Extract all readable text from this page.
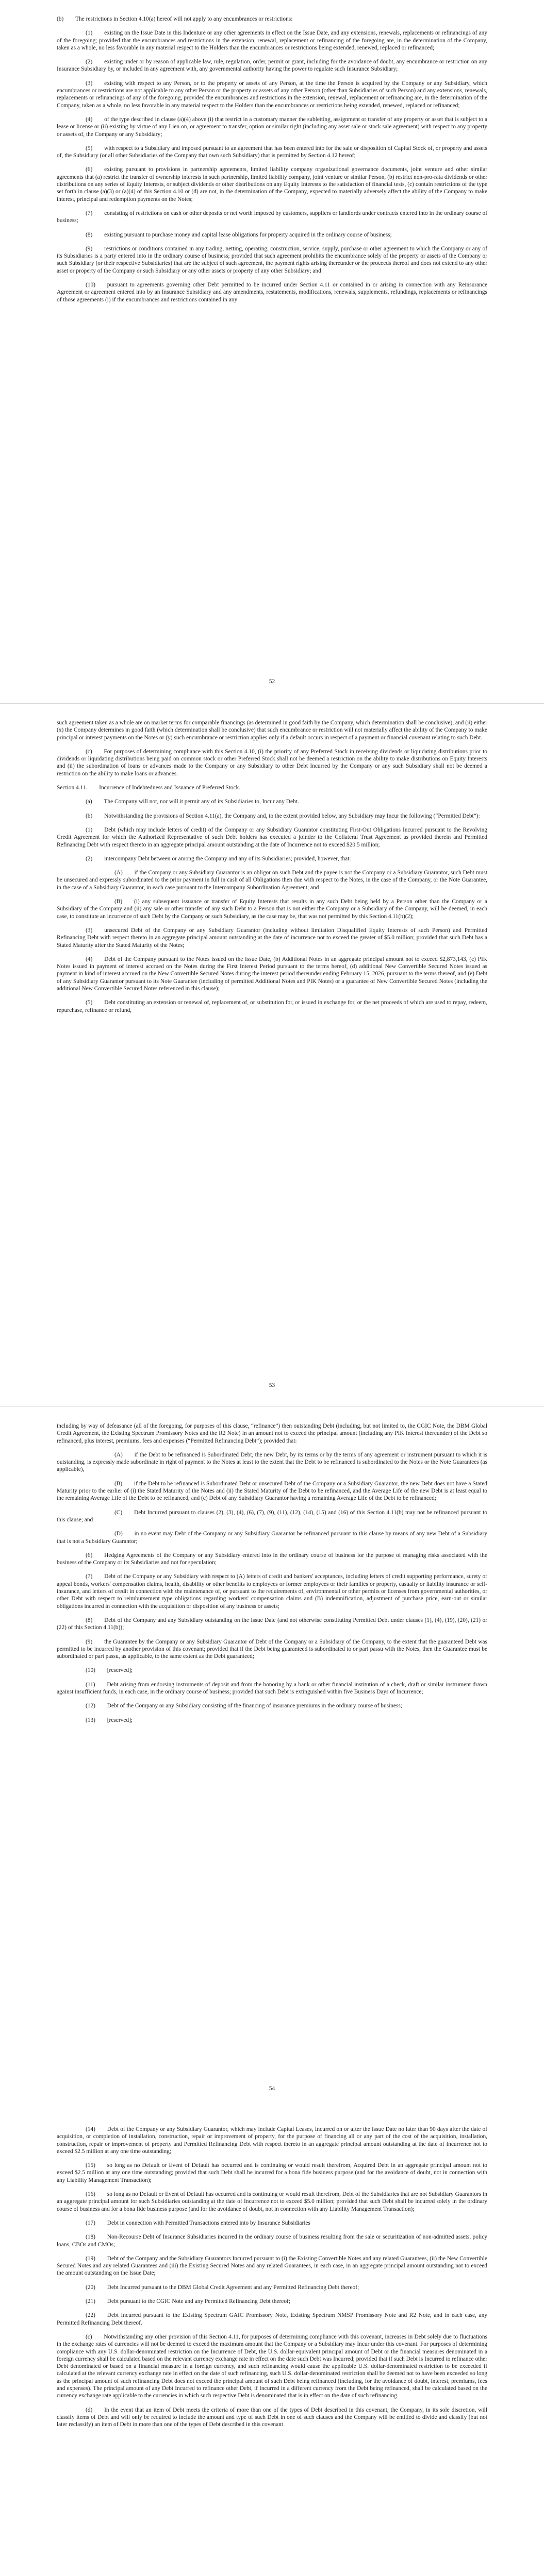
(b)  The restrictions in Section 4.10(a) hereof will not apply to any encumbrances or restrictions:

(1)  existing on the Issue Date in this Indenture or any other agreements in effect on the Issue Date, and any extensions, renewals, replacements or refinancings of any of the foregoing; provided that the encumbrances and restrictions in the extension, renewal, replacement or refinancing of the foregoing are, in the determination of the Company, taken as a whole, no less favorable in any material respect to the Holders than the encumbrances or restrictions being extended, renewed, replaced or refinanced;

(2)  existing under or by reason of applicable law, rule, regulation, order, permit or grant, including for the avoidance of doubt, any encumbrance or restriction on any Insurance Subsidiary by, or included in any agreement with, any governmental authority having the power to regulate such Insurance Subsidiary;

(3)  existing with respect to any Person, or to the property or assets of any Person, at the time the Person is acquired by the Company or any Subsidiary, which encumbrances or restrictions are not applicable to any other Person or the property or assets of any other Person (other than Subsidiaries of such Person) and any extensions, renewals, replacements or refinancings of any of the foregoing, provided the encumbrances and restrictions in the extension, renewal, replacement or refinancing are, in the determination of the Company, taken as a whole, no less favorable in any material respect to the Holders than the encumbrances or restrictions being extended, renewed, replaced or refinanced;

(4)  of the type described in clause (a)(4) above (i) that restrict in a customary manner the subletting, assignment or transfer of any property or asset that is subject to a lease or license or (ii) existing by virtue of any Lien on, or agreement to transfer, option or similar right (including any asset sale or stock sale agreement) with respect to any property or assets of, the Company or any Subsidiary;

(5)  with respect to a Subsidiary and imposed pursuant to an agreement that has been entered into for the sale or disposition of Capital Stock of, or property and assets of, the Subsidiary (or all other Subsidiaries of the Company that own such Subsidiary) that is permitted by Section 4.12 hereof;

(6)  existing pursuant to provisions in partnership agreements, limited liability company organizational governance documents, joint venture and other similar agreements that (a) restrict the transfer of ownership interests in such partnership, limited liability company, joint venture or similar Person, (b) restrict non-pro-rata dividends or other distributions on any series of Equity Interests, or subject dividends or other distributions on any Equity Interests to the satisfaction of financial tests, (c) contain restrictions of the type set forth in clause (a)(3) or (a)(4) of this Section 4.10 or (d) are not, in the determination of the Company, expected to materially adversely affect the ability of the Company to make interest, principal and redemption payments on the Notes;

(7)  consisting of restrictions on cash or other deposits or net worth imposed by customers, suppliers or landlords under contracts entered into in the ordinary course of business;

(8)  existing pursuant to purchase money and capital lease obligations for property acquired in the ordinary course of business;

(9)  restrictions or conditions contained in any trading, netting, operating, construction, service, supply, purchase or other agreement to which the Company or any of its Subsidiaries is a party entered into in the ordinary course of business; provided that such agreement prohibits the encumbrance solely of the property or assets of the Company or such Subsidiary (or their respective Subsidiaries) that are the subject of such agreement, the payment rights arising thereunder or the proceeds thereof and does not extend to any other asset or property of the Company or such Subsidiary or any other assets or property of any other Subsidiary; and

(10)  pursuant to agreements governing other Debt permitted to be incurred under Section 4.11 or contained in or arising in connection with any Reinsurance Agreement or agreement entered into by an Insurance Subsidiary and any amendments, restatements, modifications, renewals, supplements, refundings, replacements or refinancings of those agreements (i) if the encumbrances and restrictions contained in any

52

such agreement taken as a whole are on market terms for comparable financings (as determined in good faith by the Company, which determination shall be conclusive), and (ii) either (x) the Company determines in good faith (which determination shall be conclusive) that such encumbrance or restriction will not materially affect the ability of the Company to make principal or interest payments on the Notes or (y) such encumbrance or restriction applies only if a default occurs in respect of a payment or financial covenant relating to such Debt.

(c)  For purposes of determining compliance with this Section 4.10, (i) the priority of any Preferred Stock in receiving dividends or liquidating distributions prior to dividends or liquidating distributions being paid on common stock or other Preferred Stock shall not be deemed a restriction on the ability to make distributions on Equity Interests and (ii) the subordination of loans or advances made to the Company or any Subsidiary to other Debt Incurred by the Company or any such Subsidiary shall not be deemed a restriction on the ability to make loans or advances.

Section 4.11.  Incurrence of Indebtedness and Issuance of Preferred Stock.

(a)  The Company will not, nor will it permit any of its Subsidiaries to, Incur any Debt.

(b)  Notwithstanding the provisions of Section 4.11(a), the Company and, to the extent provided below, any Subsidiary may Incur the following (“Permitted Debt”):

(1)  Debt (which may include letters of credit) of the Company or any Subsidiary Guarantor constituting First-Out Obligations Incurred pursuant to the Revolving Credit Agreement for which the Authorized Representative of such Debt holders has executed a joinder to the Collateral Trust Agreement as provided therein and Permitted Refinancing Debt with respect thereto in an aggregate principal amount outstanding at the date of Incurrence not to exceed $20.5 million;

(2)  intercompany Debt between or among the Company and any of its Subsidiaries; provided, however, that:

(A)  if the Company or any Subsidiary Guarantor is an obligor on such Debt and the payee is not the Company or a Subsidiary Guarantor, such Debt must be unsecured and expressly subordinated to the prior payment in full in cash of all Obligations then due with respect to the Notes, in the case of the Company, or the Note Guarantee, in the case of a Subsidiary Guarantor, in each case pursuant to the Intercompany Subordination Agreement; and

(B)  (i) any subsequent issuance or transfer of Equity Interests that results in any such Debt being held by a Person other than the Company or a Subsidiary of the Company and (ii) any sale or other transfer of any such Debt to a Person that is not either the Company or a Subsidiary of the Company, will be deemed, in each case, to constitute an incurrence of such Debt by the Company or such Subsidiary, as the case may be, that was not permitted by this Section 4.11(b)(2);

(3)  unsecured Debt of the Company or any Subsidiary Guarantor (including without limitation Disqualified Equity Interests of such Person) and Permitted Refinancing Debt with respect thereto in an aggregate principal amount outstanding at the date of incurrence not to exceed the greater of $5.0 million; provided that such Debt has a Stated Maturity after the Stated Maturity of the Notes;

(4)  Debt of the Company pursuant to the Notes issued on the Issue Date, (b) Additional Notes in an aggregate principal amount not to exceed $2,873,143, (c) PIK Notes issued in payment of interest accrued on the Notes during the First Interest Period pursuant to the terms hereof, (d) additional New Convertible Secured Notes issued as payment in kind of interest accrued on the New Convertible Secured Notes during the interest period thereunder ending February 15, 2026, pursuant to the terms thereof, and (e) Debt of any Subsidiary Guarantor pursuant to its Note Guarantee (including of permitted Additional Notes and PIK Notes) or a guarantee of New Convertible Secured Notes (including the additional New Convertible Secured Notes referenced in this clause);

(5)  Debt constituting an extension or renewal of, replacement of, or substitution for, or issued in exchange for, or the net proceeds of which are used to repay, redeem, repurchase, refinance or refund,

53

including by way of defeasance (all of the foregoing, for purposes of this clause, “refinance”) then outstanding Debt (including, but not limited to, the CGIC Note, the DBM Global Credit Agreement, the Existing Spectrum Promissory Notes and the R2 Note) in an amount not to exceed the principal amount (including any PIK Interest thereunder) of the Debt so refinanced, plus interest, premiums, fees and expenses (“Permitted Refinancing Debt”); provided that:

(A)  if the Debt to be refinanced is Subordinated Debt, the new Debt, by its terms or by the terms of any agreement or instrument pursuant to which it is outstanding, is expressly made subordinate in right of payment to the Notes at least to the extent that the Debt to be refinanced is subordinated to the Notes or the Note Guarantees (as applicable),

(B)  if the Debt to be refinanced is Subordinated Debt or unsecured Debt of the Company or a Subsidiary Guarantor, the new Debt does not have a Stated Maturity prior to the earlier of (i) the Stated Maturity of the Notes and (ii) the Stated Maturity of the Debt to be refinanced, and the Average Life of the new Debt is at least equal to the remaining Average Life of the Debt to be refinanced, and (c) Debt of any Subsidiary Guarantor having a remaining Average Life of the Debt to be refinanced;

(C)  Debt Incurred pursuant to clauses (2), (3), (4), (6), (7), (9), (11), (12), (14), (15) and (16) of this Section 4.11(b) may not be refinanced pursuant to this clause; and

(D)  in no event may Debt of the Company or any Subsidiary Guarantor be refinanced pursuant to this clause by means of any new Debt of a Subsidiary that is not a Subsidiary Guarantor;

(6)  Hedging Agreements of the Company or any Subsidiary entered into in the ordinary course of business for the purpose of managing risks associated with the business of the Company or its Subsidiaries and not for speculation;

(7)  Debt of the Company or any Subsidiary with respect to (A) letters of credit and bankers' acceptances, including letters of credit supporting performance, surety or appeal bonds, workers' compensation claims, health, disability or other benefits to employees or former employees or their families or property, casualty or liability insurance or self-insurance, and letters of credit in connection with the maintenance of, or pursuant to the requirements of, environmental or other permits or licenses from governmental authorities, or other Debt with respect to reimbursement type obligations regarding workers' compensation claims and (B) indemnification, adjustment of purchase price, earn-out or similar obligations incurred in connection with the acquisition or disposition of any business or assets;

(8)  Debt of the Company and any Subsidiary outstanding on the Issue Date (and not otherwise constituting Permitted Debt under clauses (1), (4), (19), (20), (21) or (22) of this Section 4.11(b));

(9)  the Guarantee by the Company or any Subsidiary Guarantor of Debt of the Company or a Subsidiary of the Company, to the extent that the guaranteed Debt was permitted to be incurred by another provision of this covenant; provided that if the Debt being guaranteed is subordinated to or pari passu with the Notes, then the Guarantee must be subordinated or pari passu, as applicable, to the same extent as the Debt guaranteed;

(10)  [reserved];

(11)  Debt arising from endorsing instruments of deposit and from the honoring by a bank or other financial institution of a check, draft or similar instrument drawn against insufficient funds, in each case, in the ordinary course of business; provided that such Debt is extinguished within five Business Days of Incurrence;

(12)  Debt of the Company or any Subsidiary consisting of the financing of insurance premiums in the ordinary course of business;

(13)  [reserved];

54

(14)  Debt of the Company or any Subsidiary Guarantor, which may include Capital Leases, Incurred on or after the Issue Date no later than 90 days after the date of acquisition, or completion of installation, construction, repair or improvement of property, for the purpose of financing all or any part of the cost of the acquisition, installation, construction, repair or improvement of property and Permitted Refinancing Debt with respect thereto in an aggregate principal amount outstanding at the date of Incurrence not to exceed $2.5 million at any one time outstanding;

(15)  so long as no Default or Event of Default has occurred and is continuing or would result therefrom, Acquired Debt in an aggregate principal amount not to exceed $2.5 million at any one time outstanding; provided that such Debt shall be incurred for a bona fide business purpose (and for the avoidance of doubt, not in connection with any Liability Management Transaction);

(16)  so long as no Default or Event of Default has occurred and is continuing or would result therefrom, Debt of the Subsidiaries that are not Subsidiary Guarantors in an aggregate principal amount for such Subsidiaries outstanding at the date of Incurrence not to exceed $5.0 million; provided that such Debt shall be incurred solely in the ordinary course of business and for a bona fide business purpose (and for the avoidance of doubt, not in connection with any Liability Management Transaction);

(17)  Debt in connection with Permitted Transactions entered into by Insurance Subsidiaries

(18)  Non-Recourse Debt of Insurance Subsidiaries incurred in the ordinary course of business resulting from the sale or securitization of non-admitted assets, policy loans, CBOs and CMOs;

(19)  Debt of the Company and the Subsidiary Guarantors Incurred pursuant to (i) the Existing Convertible Notes and any related Guarantees, (ii) the New Convertible Secured Notes and any related Guarantees and (iii) the Existing Secured Notes and any related Guarantees, in each case, in an aggregate principal amount outstanding not to exceed the amount outstanding on the Issue Date;

(20)  Debt Incurred pursuant to the DBM Global Credit Agreement and any Permitted Refinancing Debt thereof;

(21)  Debt pursuant to the CGIC Note and any Permitted Refinancing Debt thereof;

(22)  Debt Incurred pursuant to the Existing Spectrum GAIC Promissory Note, Existing Spectrum NMSP Promissory Note and R2 Note, and in each case, any Permitted Refinancing Debt thereof.

(c)  Notwithstanding any other provision of this Section 4.11, for purposes of determining compliance with this covenant, increases in Debt solely due to fluctuations in the exchange rates of currencies will not be deemed to exceed the maximum amount that the Company or a Subsidiary may Incur under this covenant. For purposes of determining compliance with any U.S. dollar-denominated restriction on the Incurrence of Debt, the U.S. dollar-equivalent principal amount of Debt or the financial measures denominated in a foreign currency shall be calculated based on the relevant currency exchange rate in effect on the date such Debt was Incurred; provided that if such Debt is Incurred to refinance other Debt denominated or based on a financial measure in a foreign currency, and such refinancing would cause the applicable U.S. dollar-denominated restriction to be exceeded if calculated at the relevant currency exchange rate in effect on the date of such refinancing, such U.S. dollar-denominated restriction shall be deemed not to have been exceeded so long as the principal amount of such refinancing Debt does not exceed the principal amount of such Debt being refinanced (including, for the avoidance of doubt, interest, premiums, fees and expenses). The principal amount of any Debt Incurred to refinance other Debt, if Incurred in a different currency from the Debt being refinanced, shall be calculated based on the currency exchange rate applicable to the currencies in which such respective Debt is denominated that is in effect on the date of such refinancing.

(d)  In the event that an item of Debt meets the criteria of more than one of the types of Debt described in this covenant, the Company, in its sole discretion, will classify items of Debt and will only be required to include the amount and type of such Debt in one of such clauses and the Company will be entitled to divide and classify (but not later reclassify) an item of Debt in more than one of the types of Debt described in this covenant
